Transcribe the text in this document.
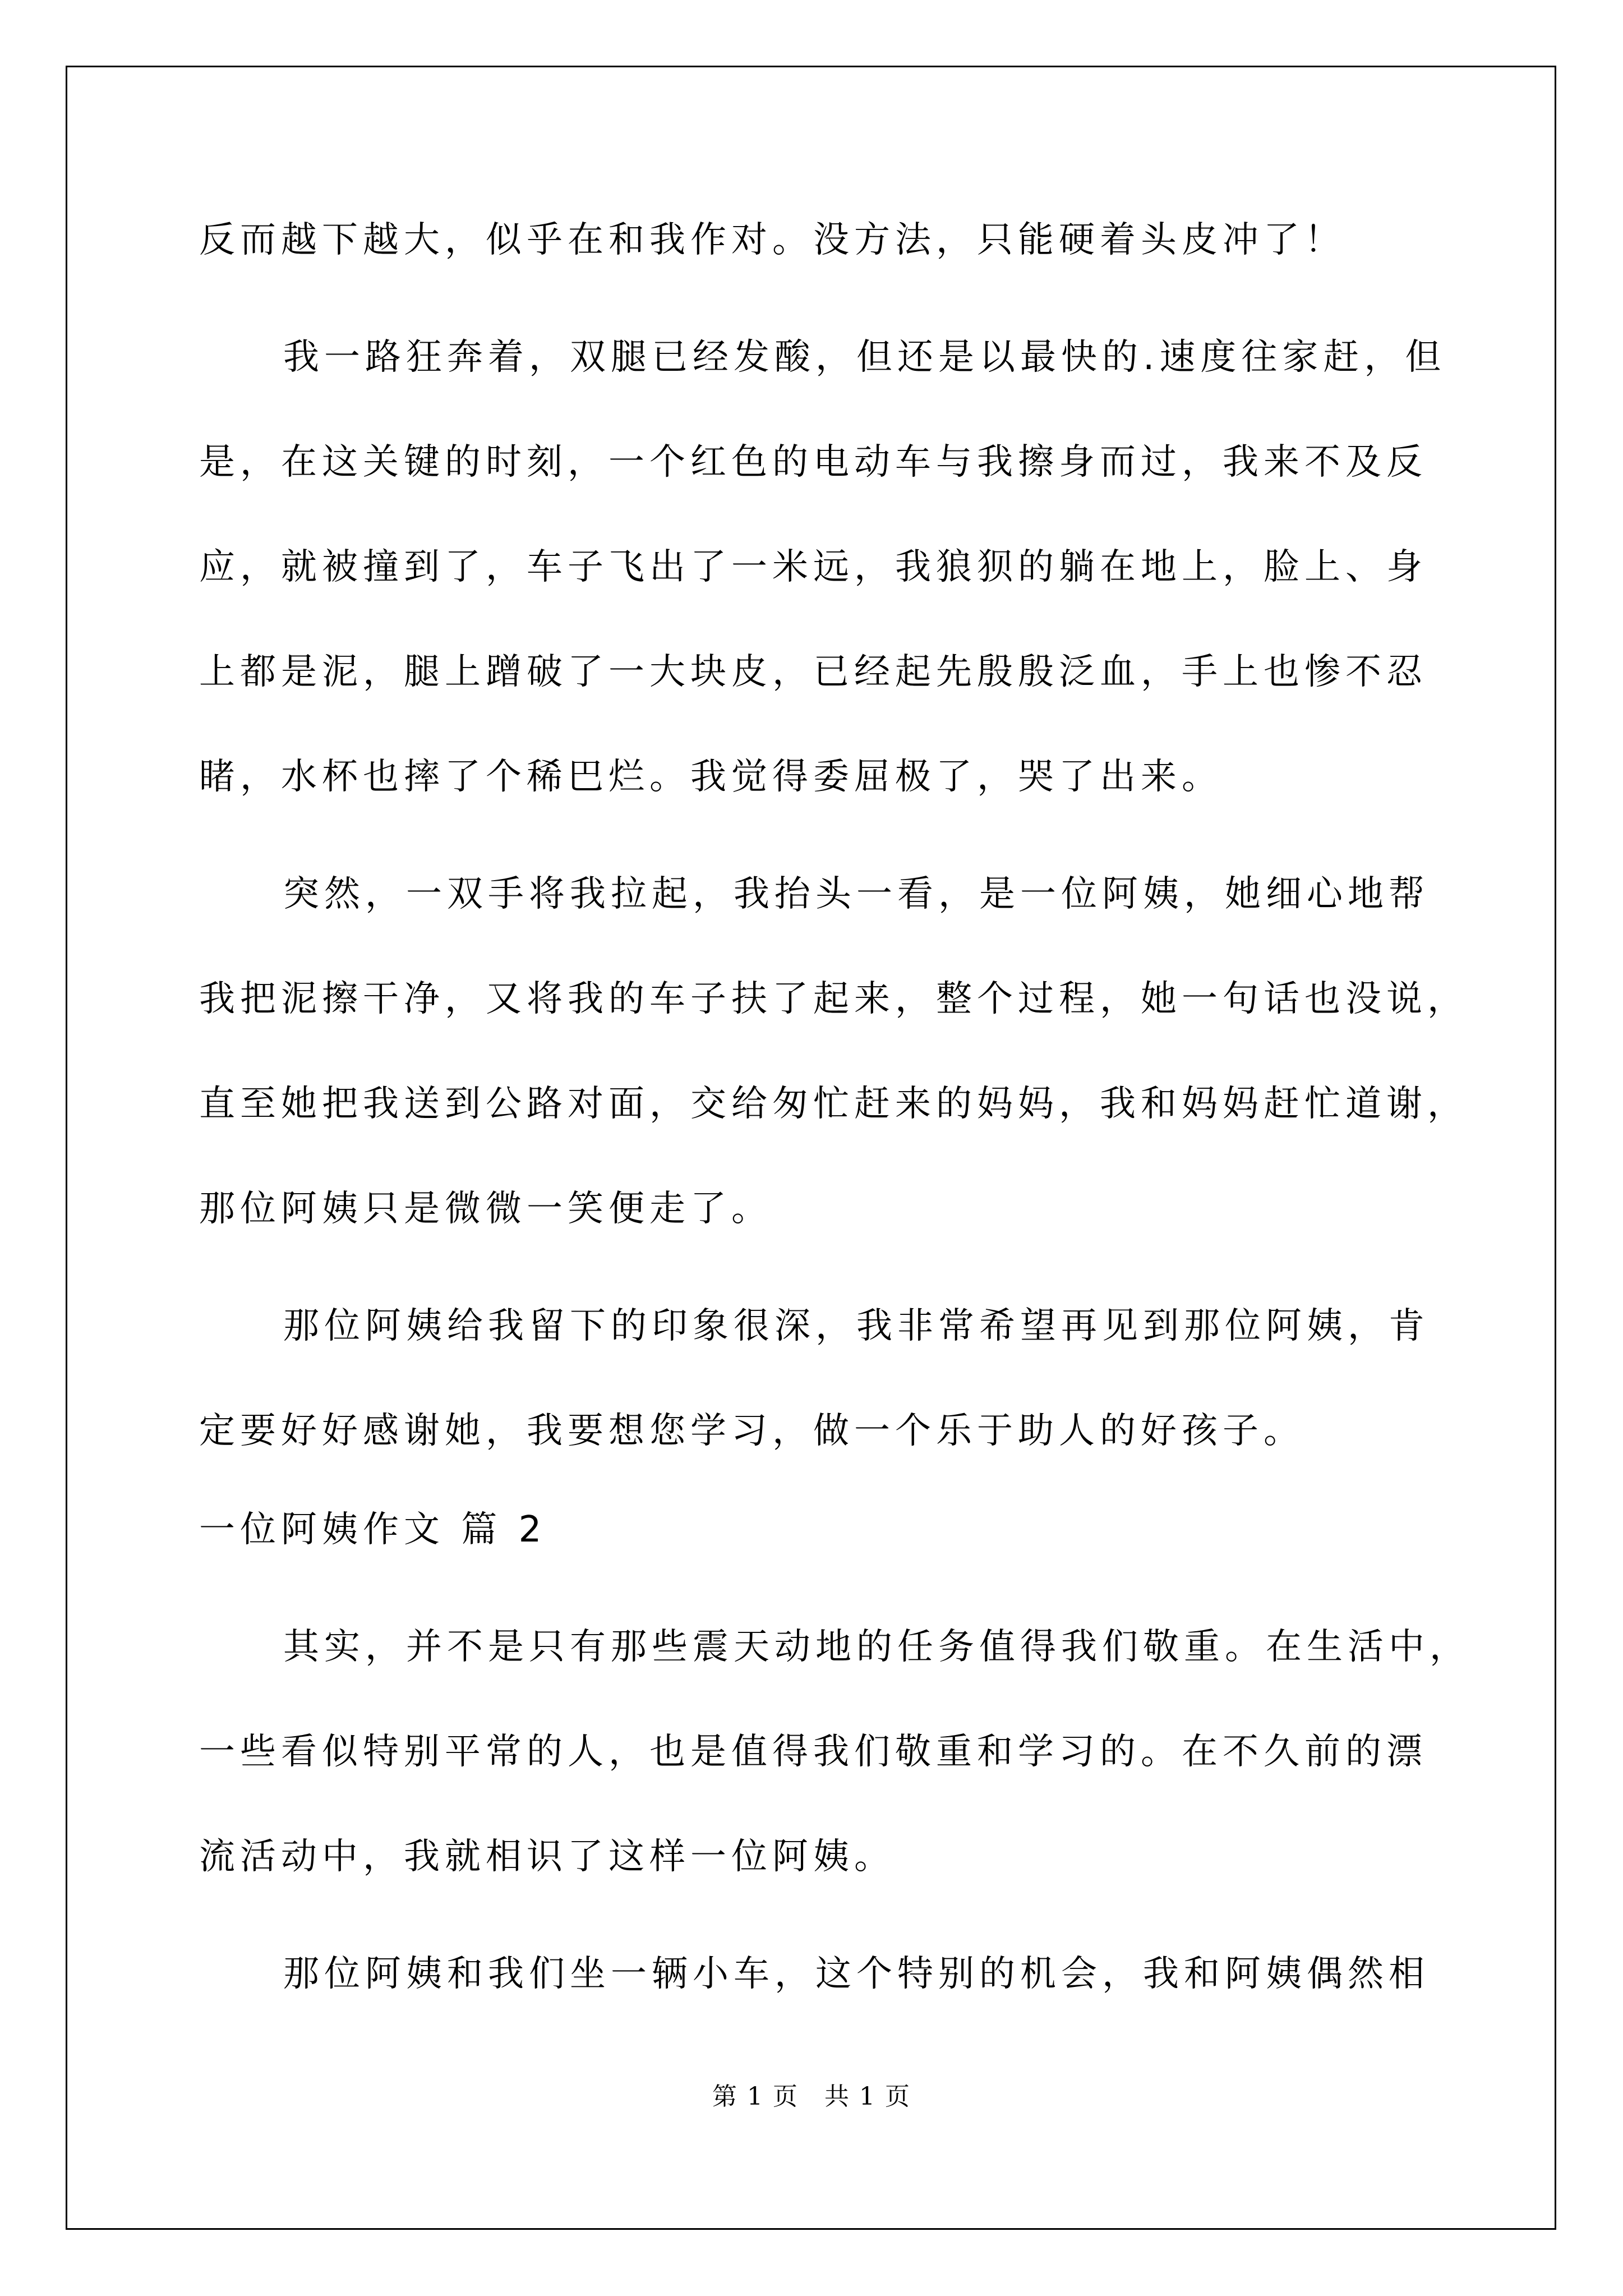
反而越下越大，似乎在和我作对。没方法，只能硬着头皮冲了！
我一路狂奔着，双腿已经发酸，但还是以最快的.速度往家赶，但
是，在这关键的时刻，一个红色的电动车与我擦身而过，我来不及反
应，就被撞到了，车子飞出了一米远，我狼狈的躺在地上，脸上、身
上都是泥，腿上蹭破了一大块皮，已经起先殷殷泛血，手上也惨不忍
睹，水杯也摔了个稀巴烂。我觉得委屈极了，哭了出来。
突然，一双手将我拉起，我抬头一看，是一位阿姨，她细心地帮
我把泥擦干净，又将我的车子扶了起来，整个过程，她一句话也没说，
直至她把我送到公路对面，交给匆忙赶来的妈妈，我和妈妈赶忙道谢，
那位阿姨只是微微一笑便走了。
那位阿姨给我留下的印象很深，我非常希望再见到那位阿姨，肯
定要好好感谢她，我要想您学习，做一个乐于助人的好孩子。
一位阿姨作文 篇 2
其实，并不是只有那些震天动地的任务值得我们敬重。在生活中，
一些看似特别平常的人，也是值得我们敬重和学习的。在不久前的漂
流活动中，我就相识了这样一位阿姨。
那位阿姨和我们坐一辆小车，这个特别的机会，我和阿姨偶然相
第 1 页 共 1 页
